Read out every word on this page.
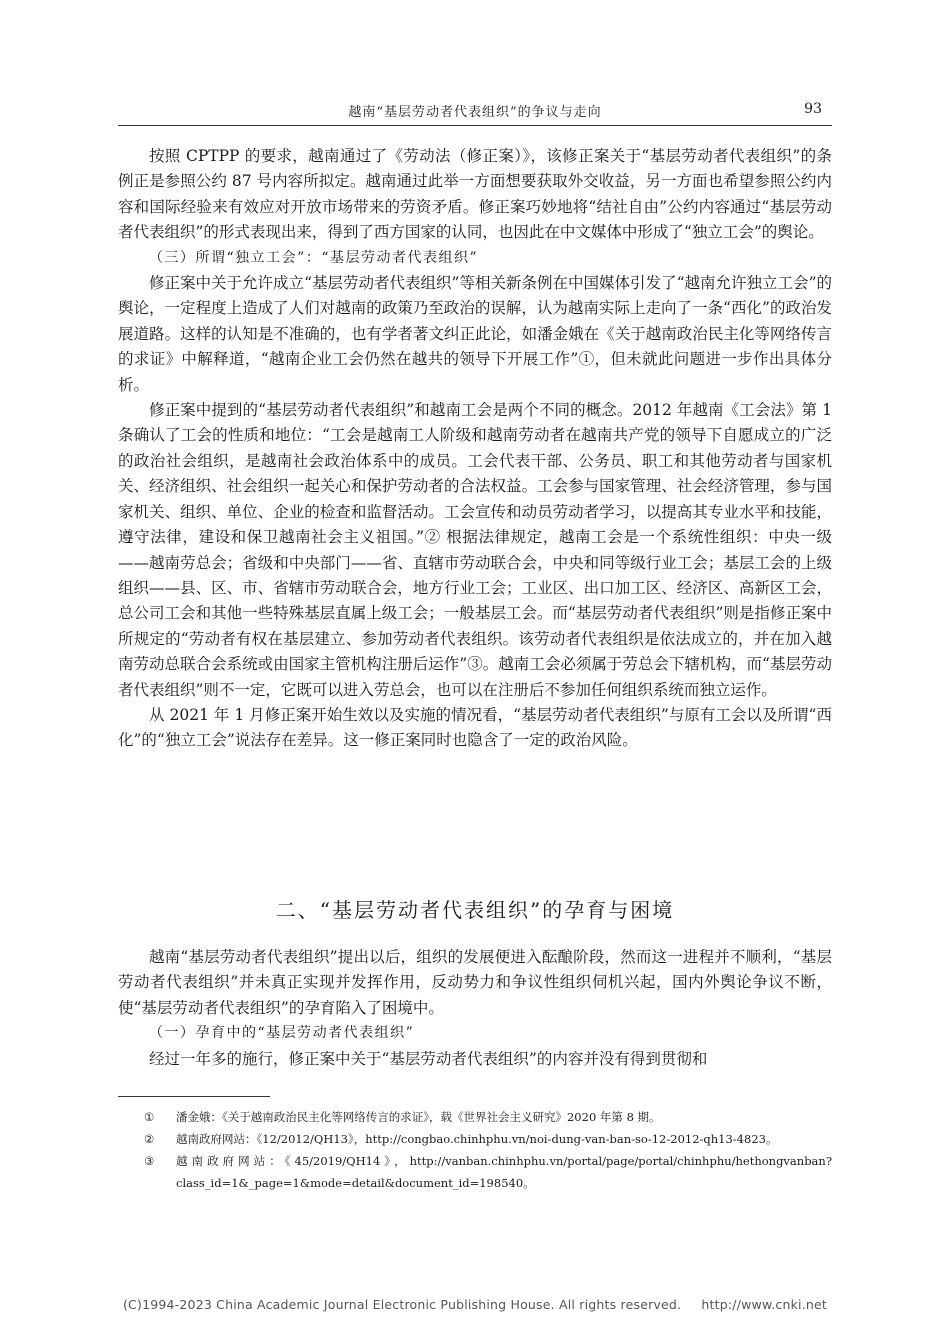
越南“基层劳动者代表组织”的争议与走向	93

按照 CPTPP 的要求，越南通过了《劳动法（修正案）》，该修正案关于“基层劳动者代表组织”的条例正是参照公约 87 号内容所拟定。越南通过此举一方面想要获取外交收益，另一方面也希望参照公约内容和国际经验来有效应对开放市场带来的劳资矛盾。修正案巧妙地将“结社自由”公约内容通过“基层劳动者代表组织”的形式表现出来，得到了西方国家的认同，也因此在中文媒体中形成了“独立工会”的舆论。

（三）所谓“独立工会”：“基层劳动者代表组织”

修正案中关于允许成立“基层劳动者代表组织”等相关新条例在中国媒体引发了“越南允许独立工会”的舆论，一定程度上造成了人们对越南的政策乃至政治的误解，认为越南实际上走向了一条“西化”的政治发展道路。这样的认知是不准确的，也有学者著文纠正此论，如潘金娥在《关于越南政治民主化等网络传言的求证》中解释道，“越南企业工会仍然在越共的领导下开展工作”①，但未就此问题进一步作出具体分析。

修正案中提到的“基层劳动者代表组织”和越南工会是两个不同的概念。2012 年越南《工会法》第 1 条确认了工会的性质和地位：“工会是越南工人阶级和越南劳动者在越南共产党的领导下自愿成立的广泛的政治社会组织，是越南社会政治体系中的成员。工会代表干部、公务员、职工和其他劳动者与国家机关、经济组织、社会组织一起关心和保护劳动者的合法权益。工会参与国家管理、社会经济管理，参与国家机关、组织、单位、企业的检查和监督活动。工会宣传和动员劳动者学习，以提高其专业水平和技能，遵守法律，建设和保卫越南社会主义祖国。”② 根据法律规定，越南工会是一个系统性组织：中央一级——越南劳总会；省级和中央部门——省、直辖市劳动联合会，中央和同等级行业工会；基层工会的上级组织——县、区、市、省辖市劳动联合会，地方行业工会；工业区、出口加工区、经济区、高新区工会，总公司工会和其他一些特殊基层直属上级工会；一般基层工会。而“基层劳动者代表组织”则是指修正案中所规定的“劳动者有权在基层建立、参加劳动者代表组织。该劳动者代表组织是依法成立的，并在加入越南劳动总联合会系统或由国家主管机构注册后运作”③。越南工会必须属于劳总会下辖机构，而“基层劳动者代表组织”则不一定，它既可以进入劳总会，也可以在注册后不参加任何组织系统而独立运作。

从 2021 年 1 月修正案开始生效以及实施的情况看，“基层劳动者代表组织”与原有工会以及所谓“西化”的“独立工会”说法存在差异。这一修正案同时也隐含了一定的政治风险。

二、“基层劳动者代表组织”的孕育与困境

越南“基层劳动者代表组织”提出以后，组织的发展便进入酝酿阶段，然而这一进程并不顺利，“基层劳动者代表组织”并未真正实现并发挥作用，反动势力和争议性组织伺机兴起，国内外舆论争议不断，使“基层劳动者代表组织”的孕育陷入了困境中。

（一）孕育中的“基层劳动者代表组织”

经过一年多的施行，修正案中关于“基层劳动者代表组织”的内容并没有得到贯彻和

①	潘金娥：《关于越南政治民主化等网络传言的求证》，载《世界社会主义研究》2020 年第 8 期。
②	越南政府网站：《12/2012/QH13》，http://congbao.chinhphu.vn/noi-dung-van-ban-so-12-2012-qh13-4823。
③	越南政府网站：《45/2019/QH14》，http://vanban.chinhphu.vn/portal/page/portal/chinhphu/hethongvanban? class_id=1&_page=1&mode=detail&document_id=198540。
(C)1994-2023 China Academic Journal Electronic Publishing House. All rights reserved. http://www.cnki.net
